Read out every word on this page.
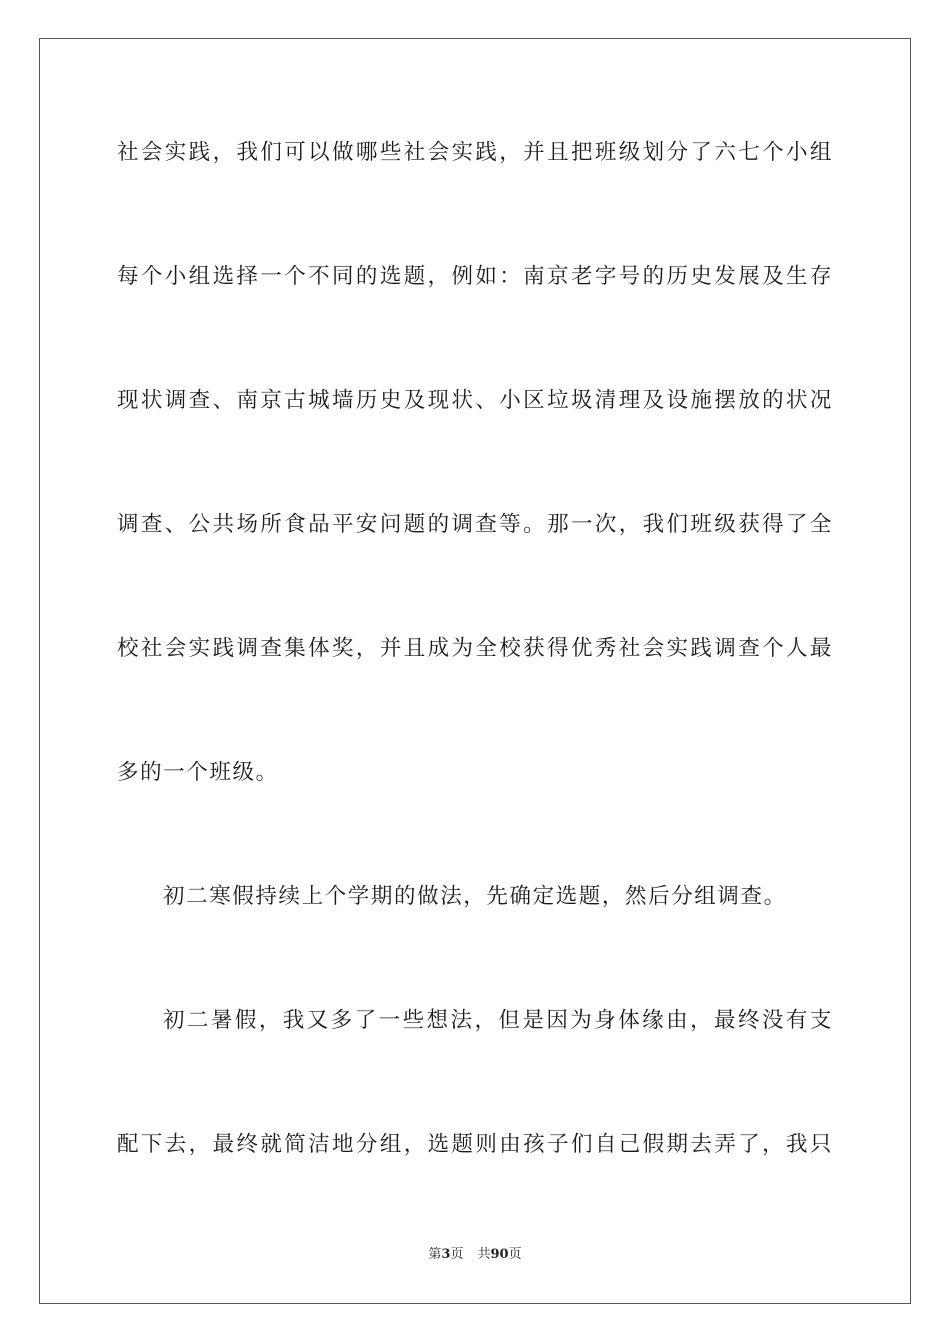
社会实践，我们可以做哪些社会实践，并且把班级划分了六七个小组
每个小组选择一个不同的选题，例如：南京老字号的历史发展及生存
现状调查、南京古城墙历史及现状、小区垃圾清理及设施摆放的状况
调查、公共场所食品平安问题的调查等。那一次，我们班级获得了全
校社会实践调查集体奖，并且成为全校获得优秀社会实践调查个人最
多的一个班级。
初二寒假持续上个学期的做法，先确定选题，然后分组调查。
初二暑假，我又多了一些想法，但是因为身体缘由，最终没有支
配下去，最终就简洁地分组，选题则由孩子们自己假期去弄了，我只
第3页 共90页
